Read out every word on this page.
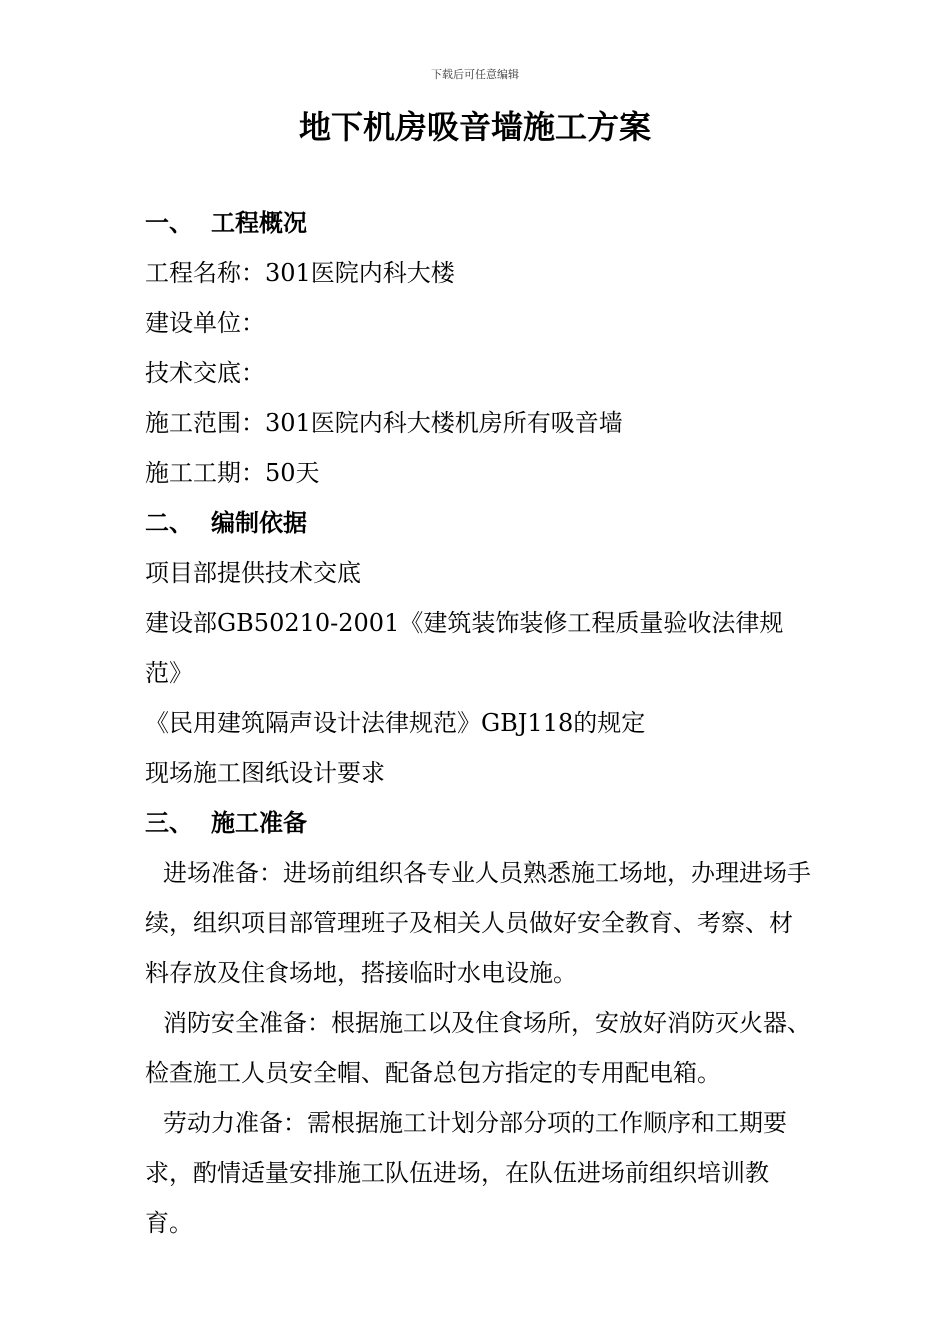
下载后可任意编辑
地下机房吸音墙施工方案
一、 工程概况
工程名称：301医院内科大楼
建设单位：
技术交底：
施工范围：301医院内科大楼机房所有吸音墙
施工工期：50天
二、 编制依据
项目部提供技术交底
建设部GB50210-2001《建筑装饰装修工程质量验收法律规范》
《民用建筑隔声设计法律规范》GBJ118的规定
现场施工图纸设计要求
三、 施工准备
进场准备：进场前组织各专业人员熟悉施工场地，办理进场手续，组织项目部管理班子及相关人员做好安全教育、考察、材料存放及住食场地，搭接临时水电设施。
消防安全准备：根据施工以及住食场所，安放好消防灭火器、检查施工人员安全帽、配备总包方指定的专用配电箱。
劳动力准备：需根据施工计划分部分项的工作顺序和工期要求，酌情适量安排施工队伍进场，在队伍进场前组织培训教育。
